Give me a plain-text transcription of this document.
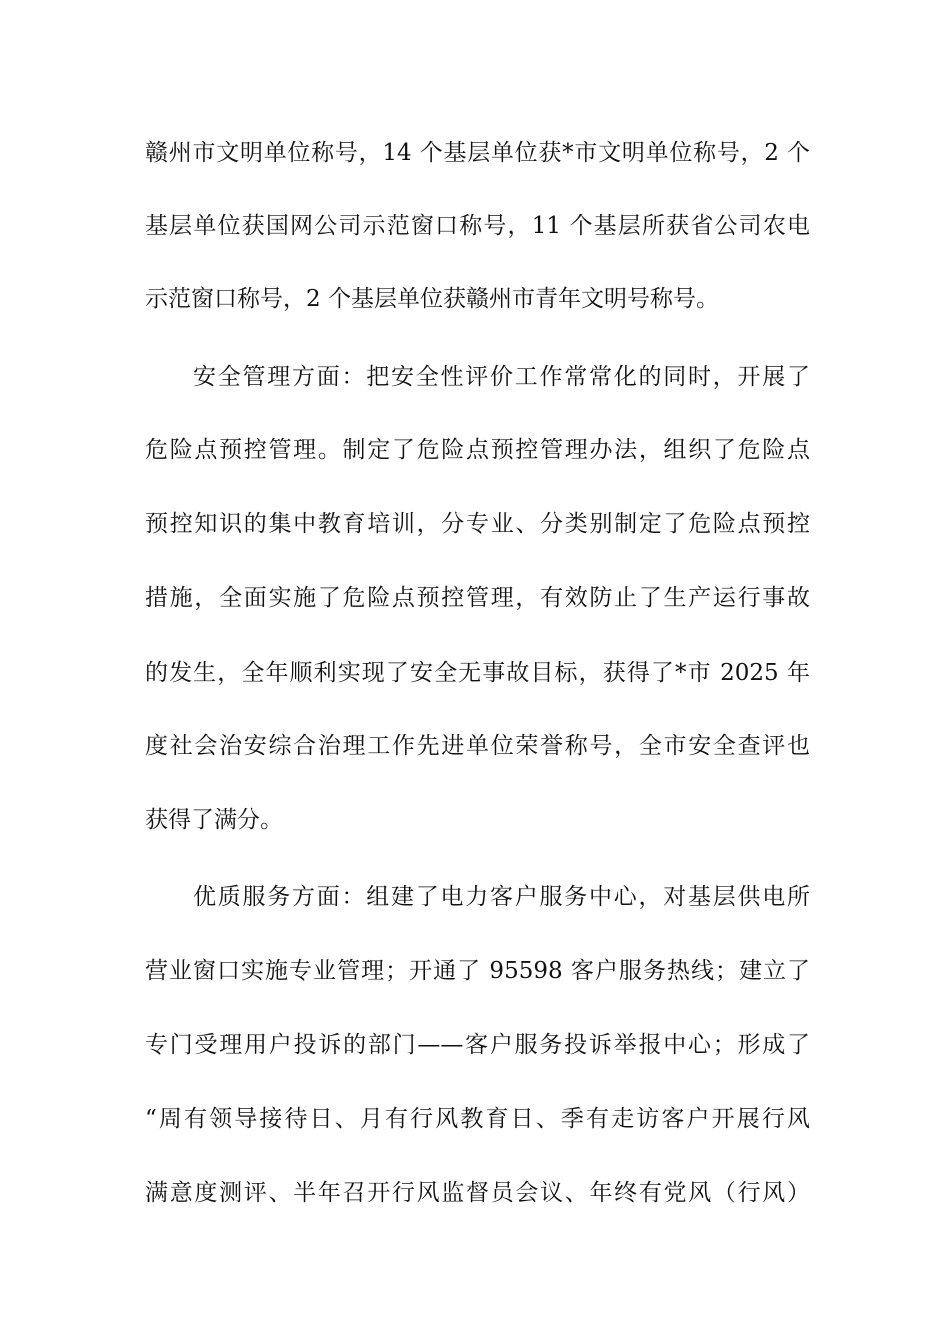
赣州市文明单位称号，14 个基层单位获*市文明单位称号，2 个
基层单位获国网公司示范窗口称号，11 个基层所获省公司农电
示范窗口称号，2 个基层单位获赣州市青年文明号称号。
安全管理方面：把安全性评价工作常常化的同时，开展了
危险点预控管理。制定了危险点预控管理办法，组织了危险点
预控知识的集中教育培训，分专业、分类别制定了危险点预控
措施，全面实施了危险点预控管理，有效防止了生产运行事故
的发生，全年顺利实现了安全无事故目标，获得了*市 2025 年
度社会治安综合治理工作先进单位荣誉称号，全市安全查评也
获得了满分。
优质服务方面：组建了电力客户服务中心，对基层供电所
营业窗口实施专业管理；开通了 95598 客户服务热线；建立了
专门受理用户投诉的部门——客户服务投诉举报中心；形成了
“周有领导接待日、月有行风教育日、季有走访客户开展行风
满意度测评、半年召开行风监督员会议、年终有党风（行风）
